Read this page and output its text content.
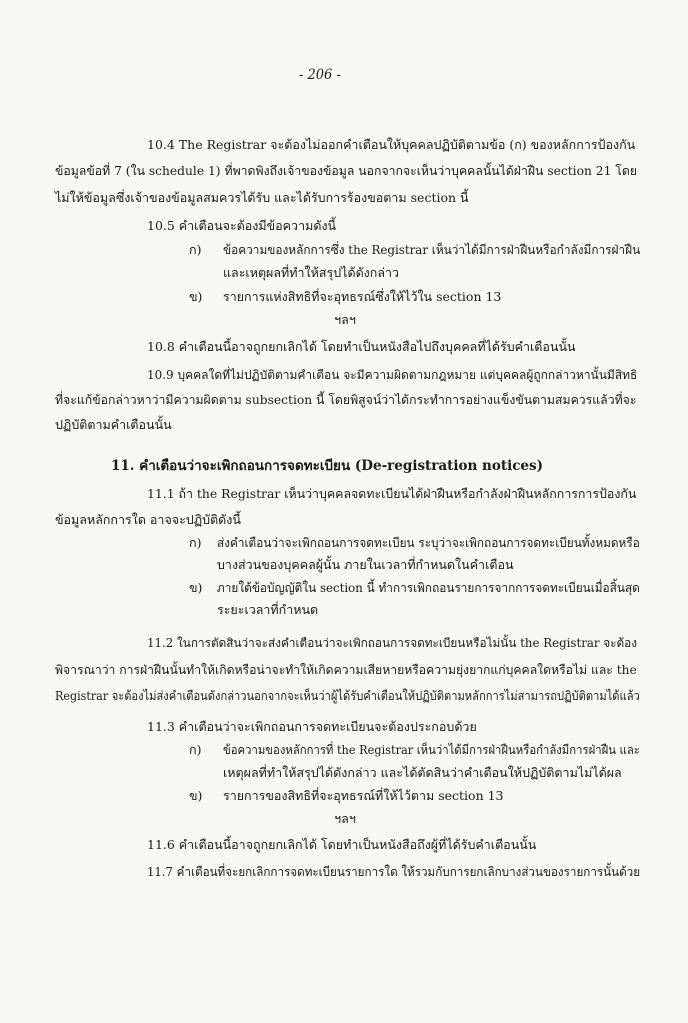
- 206 -
10.4 The Registrar จะต้องไม่ออกคำเตือนให้บุคคลปฏิบัติตามข้อ (ก) ของหลักการป้องกัน
ข้อมูลข้อที่ 7 (ใน schedule 1) ที่พาดพิงถึงเจ้าของข้อมูล นอกจากจะเห็นว่าบุคคลนั้นได้ฝ่าฝืน section 21 โดย
ไม่ให้ข้อมูลซึ่งเจ้าของข้อมูลสมควรได้รับ และได้รับการร้องขอตาม section นี้
10.5 คำเตือนจะต้องมีข้อความดังนี้
ก) ข้อความของหลักการซึ่ง the Registrar เห็นว่าได้มีการฝ่าฝืนหรือกำลังมีการฝ่าฝืน
และเหตุผลที่ทำให้สรุปได้ดังกล่าว
ข) รายการแห่งสิทธิที่จะอุทธรณ์ซึ่งให้ไว้ใน section 13
ฯลฯ
10.8 คำเตือนนี้อาจถูกยกเลิกได้ โดยทำเป็นหนังสือไปถึงบุคคลที่ได้รับคำเตือนนั้น
10.9 บุคคลใดที่ไม่ปฏิบัติตามคำเตือน จะมีความผิดตามกฎหมาย แต่บุคคลผู้ถูกกล่าวหานั้นมีสิทธิ
ที่จะแก้ข้อกล่าวหาว่ามีความผิดตาม subsection นี้ โดยพิสูจน์ว่าได้กระทำการอย่างแข็งขันตามสมควรแล้วที่จะ
ปฏิบัติตามคำเตือนนั้น
11. คำเตือนว่าจะเพิกถอนการจดทะเบียน (De-registration notices)
11.1 ถ้า the Registrar เห็นว่าบุคคลจดทะเบียนได้ฝ่าฝืนหรือกำลังฝ่าฝืนหลักการการป้องกัน
ข้อมูลหลักการใด อาจจะปฏิบัติดังนี้
ก) ส่งคำเตือนว่าจะเพิกถอนการจดทะเบียน ระบุว่าจะเพิกถอนการจดทะเบียนทั้งหมดหรือ
บางส่วนของบุคคลผู้นั้น ภายในเวลาที่กำหนดในคำเตือน
ข) ภายใต้ข้อบัญญัติใน section นี้ ทำการเพิกถอนรายการจากการจดทะเบียนเมื่อสิ้นสุด
ระยะเวลาที่กำหนด
11.2 ในการตัดสินว่าจะส่งคำเตือนว่าจะเพิกถอนการจดทะเบียนหรือไม่นั้น the Registrar จะต้อง
พิจารณาว่า การฝ่าฝืนนั้นทำให้เกิดหรือน่าจะทำให้เกิดความเสียหายหรือความยุ่งยากแก่บุคคลใดหรือไม่ และ the
Registrar จะต้องไม่ส่งคำเตือนดังกล่าวนอกจากจะเห็นว่าผู้ได้รับคำเตือนให้ปฏิบัติตามหลักการไม่สามารถปฏิบัติตามได้แล้ว
11.3 คำเตือนว่าจะเพิกถอนการจดทะเบียนจะต้องประกอบด้วย
ก) ข้อความของหลักการที่ the Registrar เห็นว่าได้มีการฝ่าฝืนหรือกำลังมีการฝ่าฝืน และ
เหตุผลที่ทำให้สรุปได้ดังกล่าว และได้ตัดสินว่าคำเตือนให้ปฏิบัติตามไม่ได้ผล
ข) รายการของสิทธิที่จะอุทธรณ์ที่ให้ไว้ตาม section 13
ฯลฯ
11.6 คำเตือนนี้อาจถูกยกเลิกได้ โดยทำเป็นหนังสือถึงผู้ที่ได้รับคำเตือนนั้น
11.7 คำเตือนที่จะยกเลิกการจดทะเบียนรายการใด ให้รวมกับการยกเลิกบางส่วนของรายการนั้นด้วย
